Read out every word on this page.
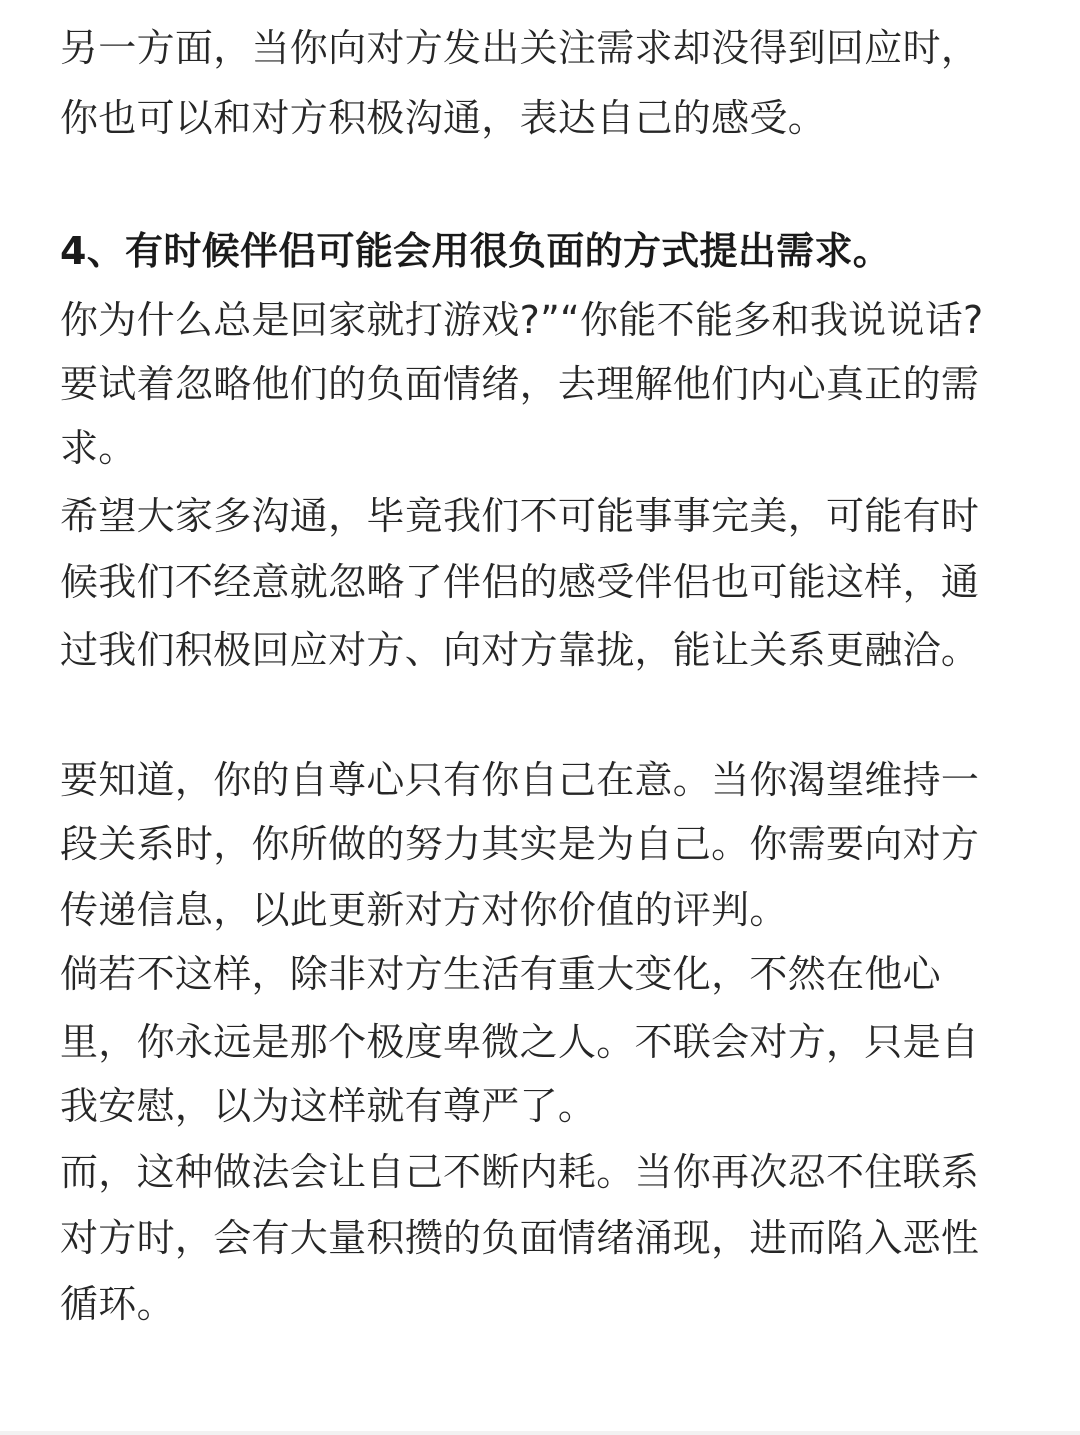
另一方面，当你向对方发出关注需求却没得到回应时，
你也可以和对方积极沟通，表达自己的感受。
4、有时候伴侣可能会用很负面的方式提出需求。
你为什么总是回家就打游戏?”“你能不能多和我说说话?
要试着忽略他们的负面情绪，去理解他们内心真正的需
求。
希望大家多沟通，毕竟我们不可能事事完美，可能有时
候我们不经意就忽略了伴侣的感受伴侣也可能这样，通
过我们积极回应对方、向对方靠拢，能让关系更融洽。
要知道，你的自尊心只有你自己在意。当你渴望维持一
段关系时，你所做的努力其实是为自己。你需要向对方
传递信息，以此更新对方对你价值的评判。
倘若不这样，除非对方生活有重大变化，不然在他心
里，你永远是那个极度卑微之人。不联会对方，只是自
我安慰，以为这样就有尊严了。
而，这种做法会让自己不断内耗。当你再次忍不住联系
对方时，会有大量积攒的负面情绪涌现，进而陷入恶性
循环。
